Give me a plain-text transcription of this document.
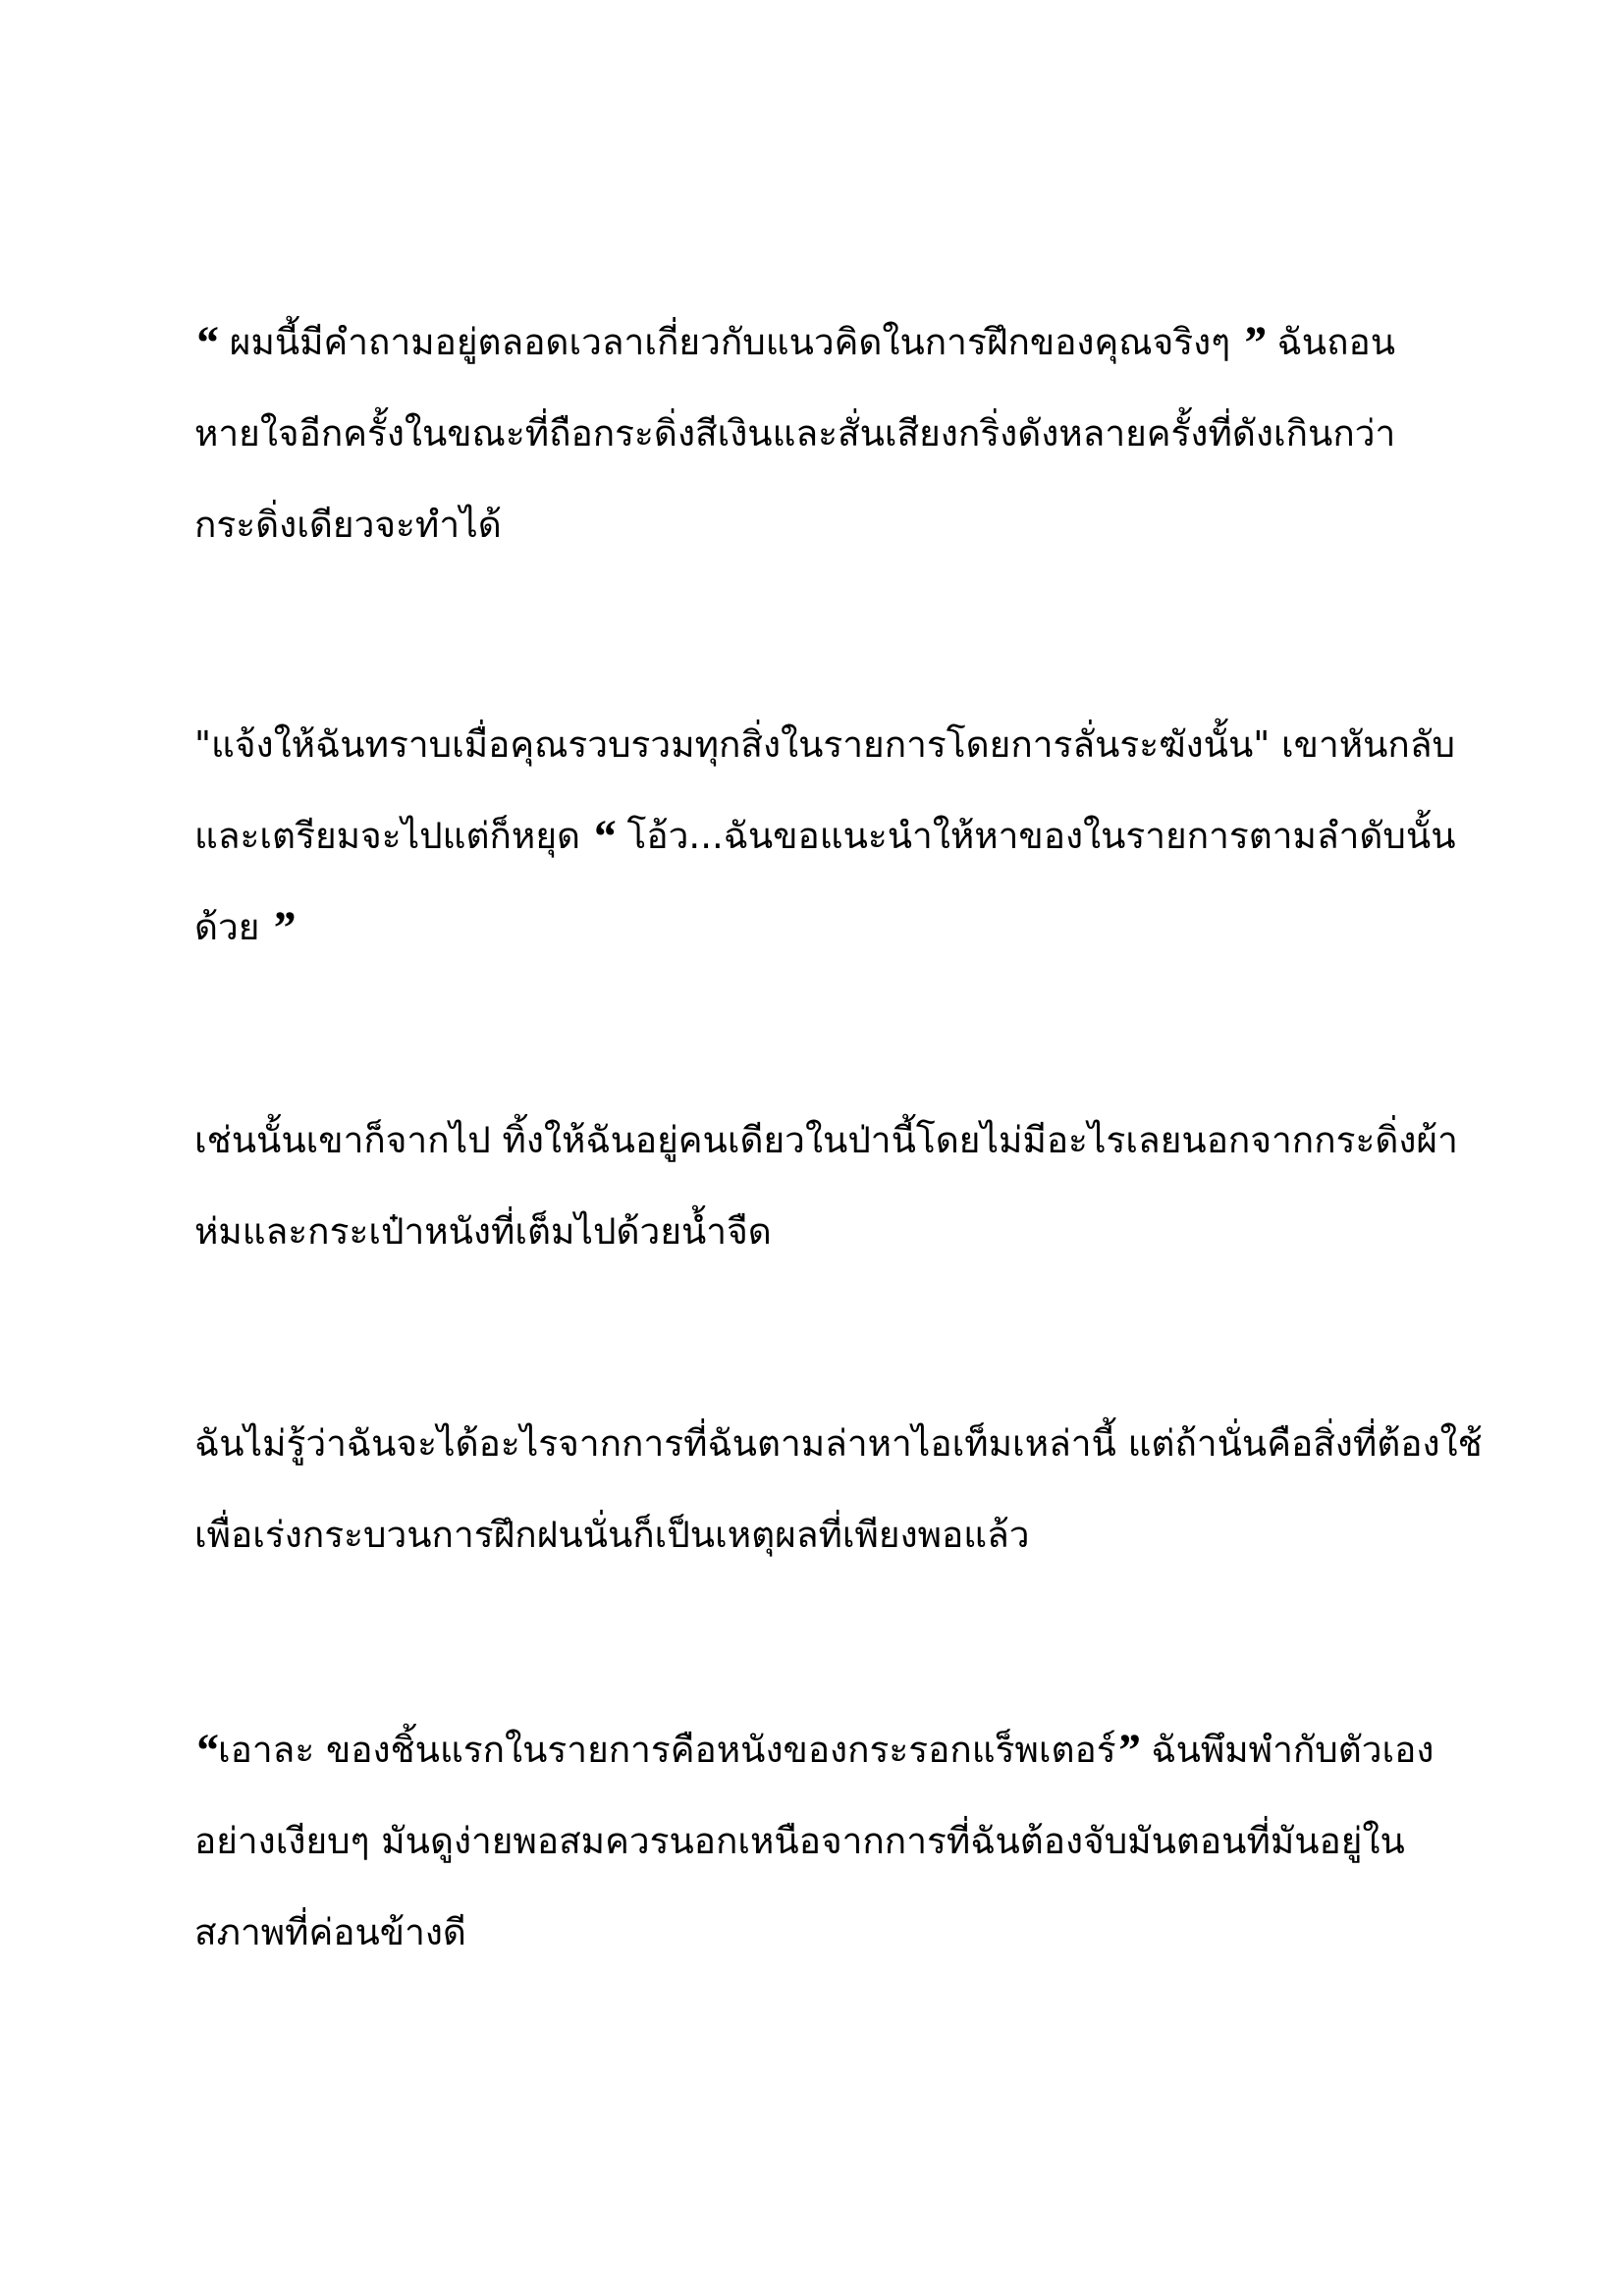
“ ผมนี้มีคำถามอยู่ตลอดเวลาเกี่ยวกับแนวคิดในการฝึกของคุณจริงๆ ” ฉันถอน
หายใจอีกครั้งในขณะที่ถือกระดิ่งสีเงินและสั่นเสียงกริ่งดังหลายครั้งที่ดังเกินกว่า
กระดิ่งเดียวจะทำได้
"แจ้งให้ฉันทราบเมื่อคุณรวบรวมทุกสิ่งในรายการโดยการลั่นระฆังนั้น" เขาหันกลับ
และเตรียมจะไปแต่ก็หยุด “ โอ้ว...ฉันขอแนะนำให้หาของในรายการตามลำดับนั้น
ด้วย ”
เช่นนั้นเขาก็จากไป ทิ้งให้ฉันอยู่คนเดียวในป่านี้โดยไม่มีอะไรเลยนอกจากกระดิ่งผ้า
ห่มและกระเป๋าหนังที่เต็มไปด้วยน้ำจืด
ฉันไม่รู้ว่าฉันจะได้อะไรจากการที่ฉันตามล่าหาไอเท็มเหล่านี้ แต่ถ้านั่นคือสิ่งที่ต้องใช้
เพื่อเร่งกระบวนการฝึกฝนนั่นก็เป็นเหตุผลที่เพียงพอแล้ว
“เอาละ ของชิ้นแรกในรายการคือหนังของกระรอกแร็พเตอร์” ฉันพึมพำกับตัวเอง
อย่างเงียบๆ มันดูง่ายพอสมควรนอกเหนือจากการที่ฉันต้องจับมันตอนที่มันอยู่ใน
สภาพที่ค่อนข้างดี
